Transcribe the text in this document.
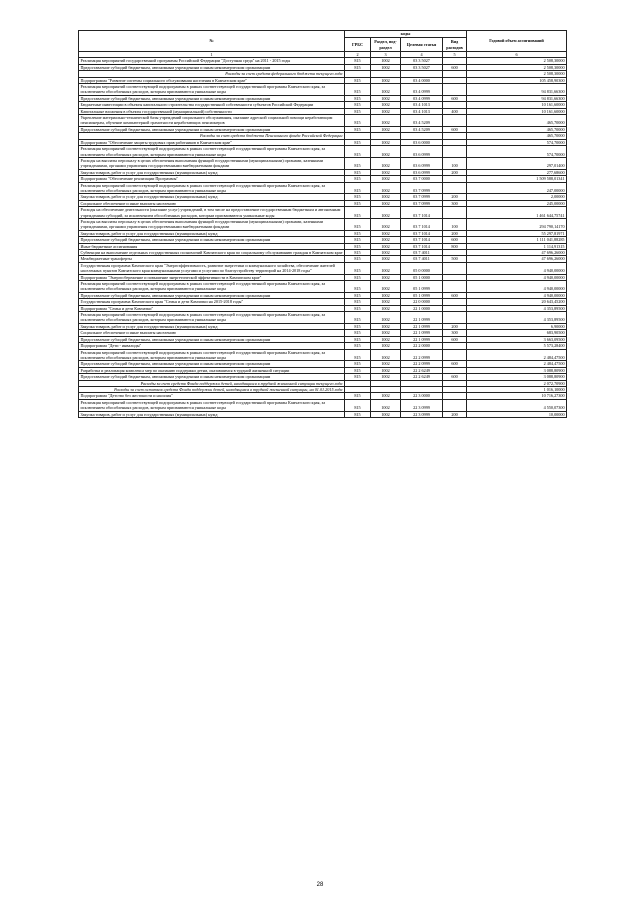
№	коды				Годовой объем ассигнований
	ГРБС	Раздел, под-раздел	Целевая статья	Вид расходов	
1	2	3	4	5	6
Реализация мероприятий государственной программы Российской Федерации "Доступная среда" на 2011 - 2015 годы	815	1002	03 3 5027		2 508,30000
Предоставление субсидий бюджетным, автономным учреждениям и иным некоммерческим организациям	815	1002	03 3 5027	600	2 508,30000
Расходы за счет средств федерального бюджета текущего года					2 508,30000
Подпрограмма "Развитие системы социального обслуживания населения в Камчатском крае"	815	1002	03 4 0000		105 458,90300
Реализация мероприятий соответствующей подпрограммы в рамках соответствующей государственной программы Камчатского края, за исключением обособленных расходов, которым присваиваются уникальные коды	815	1002	03 4 0999		94 831,66300
Предоставление субсидий бюджетным, автономным учреждениям и иным некоммерческим организациям	815	1002	03 4 0999	600	94 831,66300
Бюджетные инвестиции в объекты капитального строительства государственной собственности субъектов Российской Федерации	815	1002	03 4 1013		10 161,60000
Капитальные вложения в объекты государственной (муниципальной) собственности	815	1002	03 4 1013	400	10 161,60000
Укрепление материально-технической базы учреждений социального обслуживания, оказание адресной социальной помощи неработающим пенсионерам, обучение компьютерной грамотности неработающих пенсионеров	815	1002	03 4 5209		465,70000
Предоставление субсидий бюджетным, автономным учреждениям и иным некоммерческим организациям	815	1002	03 4 5209	600	465,70000
Расходы за счет средств бюджета Пенсионного фонда Российской Федерации					465,70000
Подпрограмма "Обеспечение защиты трудовых прав работников в Камчатском крае"	815	1002	03 6 0000		574,70000
Реализация мероприятий соответствующей подпрограммы в рамках соответствующей государственной программы Камчатского края, за исключением обособленных расходов, которым присваиваются уникальные коды	815	1002	03 6 0999		574,70000
Расходы на выплаты персоналу в целях обеспечения выполнения функций государственными (муниципальными) органами, казенными учреждениями, органами управления государственными внебюджетными фондами	815	1002	03 6 0999	100	297,01400
Закупка товаров, работ и услуг для государственных (муниципальных) нужд	815	1002	03 6 0999	200	277,68600
Подпрограмма "Обеспечение реализации Программы"	815	1002	03 7 0000		1 509 588,01341
Реализация мероприятий соответствующей подпрограммы в рамках соответствующей государственной программы Камчатского края, за исключением обособленных расходов, которым присваиваются уникальные коды	815	1002	03 7 0999		247,00000
Закупка товаров, работ и услуг для государственных (муниципальных) нужд	815	1002	03 7 0999	200	2,00000
Социальное обеспечение и иные выплаты населению	815	1002	03 7 0999	300	245,00000
Расходы на обеспечение деятельности (оказание услуг) учреждений, в том числе на предоставление государственным бюджетным и автономным учреждениям субсидий, за исключением обособленных расходов, которым присваиваются уникальные коды	815	1002	03 7 1014		1 461 644,75741
Расходы на выплаты персоналу в целях обеспечения выполнения функций государственными (муниципальными) органами, казенными учреждениями, органами управления государственными внебюджетными фондами	815	1002	03 7 1014	100	294 790,14170
Закупка товаров, работ и услуг для государственных (муниципальных) нужд	815	1002	03 7 1014	200	55 297,81971
Предоставление субсидий бюджетным, автономным учреждениям и иным некоммерческим организациям	815	1002	03 7 1014	600	1 111 041,88285
Иные бюджетные ассигнования	815	1002	03 7 1014	800	1 114,91315
Субвенции на выполнение отдельных государственных полномочий Камчатского края по социальному обслуживанию граждан в Камчатском крае	815	1002	03 7 4011		47 696,26000
Межбюджетные трансферты	815	1002	03 7 4011	500	47 696,26000
Государственная программа Камчатского края "Энергоэффективность, развитие энергетики и коммунального хозяйства, обеспечение жителей населенных пунктов Камчатского края коммунальными услугами и услугами по благоустройству территорий на 2014-2018 годы"	815	1002	05 0 0000		4 940,00000
Подпрограмма "Энергосбережение и повышение энергетической эффективности в Камчатском крае"	815	1002	05 1 0000		4 940,00000
Реализация мероприятий соответствующей подпрограммы в рамках соответствующей государственной программы Камчатского края, за исключением обособленных расходов, которым присваиваются уникальные коды	815	1002	05 1 0999		4 940,00000
Предоставление субсидий бюджетным, автономным учреждениям и иным некоммерческим организациям	815	1002	05 1 0999	600	4 940,00000
Государственная программа Камчатского края "Семья и дети Камчатки на 2015-2018 годы"	815	1002	22 0 0000		20 643,45200
Подпрограмма "Семья и дети Камчатки"	815	1002	22 1 0000		4 353,89500
Реализация мероприятий соответствующей подпрограммы в рамках соответствующей государственной программы Камчатского края, за исключением обособленных расходов, которым присваиваются уникальные коды	815	1002	22 1 0999		4 353,89500
Закупка товаров, работ и услуг для государственных (муниципальных) нужд	815	1002	22 1 0999	200	6,90000
Социальное обеспечение и иные выплаты населению	815	1002	22 1 0999	300	683,90500
Предоставление субсидий бюджетным, автономным учреждениям и иным некоммерческим организациям	815	1002	22 1 0999	600	3 663,09500
Подпрограмма "Дети - инвалиды"	815	1002	22 2 0000		5 573,28400
Реализация мероприятий соответствующей подпрограммы в рамках соответствующей государственной программы Камчатского края, за исключением обособленных расходов, которым присваиваются уникальные коды	815	1002	22 2 0999		2 484,47500
Предоставление субсидий бюджетным, автономным учреждениям и иным некоммерческим организациям	815	1002	22 2 0999	600	2 484,47500
Разработка и реализация комплекса мер по оказанию поддержки детям, оказавшимся в трудной жизненной ситуации	815	1002	22 2 6249		3 088,80900
Предоставление субсидий бюджетным, автономным учреждениям и иным некоммерческим организациям	815	1002	22 2 6249	600	3 088,80900
Расходы за счет средств Фонда поддержки детей, находящихся в трудной жизненной ситуации текущего года					2 072,70900
Расходы за счет остатков средств Фонда поддержки детей, находящихся в трудной жизненной ситуации, на 01.01.2015 года					1 016,10000
Подпрограмма "Детство без жестокости и насилия"	815	1002	22 3 0000		10 716,27300
Реализация мероприятий соответствующей подпрограммы в рамках соответствующей государственной программы Камчатского края, за исключением обособленных расходов, которым присваиваются уникальные коды	815	1002	22 3 0999		4 550,07300
Закупка товаров, работ и услуг для государственных (муниципальных) нужд	815	1002	22 3 0999	200	10,00000
28
